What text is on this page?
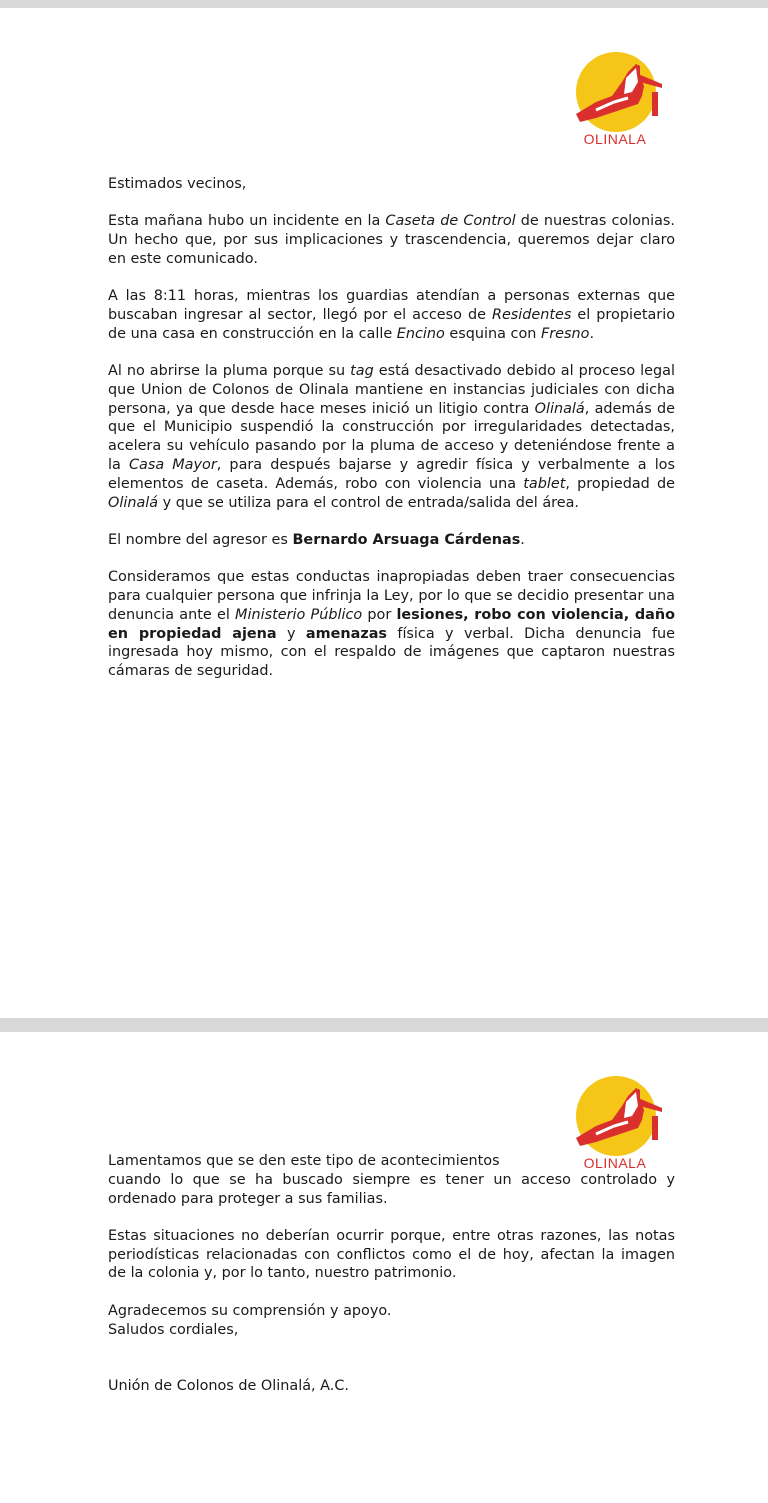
OLINALA

Estimados vecinos,

Esta mañana hubo un incidente en la Caseta de Control de nuestras colonias. Un hecho que, por sus implicaciones y trascendencia, queremos dejar claro en este comunicado.

A las 8:11 horas, mientras los guardias atendían a personas externas que buscaban ingresar al sector, llegó por el acceso de Residentes el propietario de una casa en construcción en la calle Encino esquina con Fresno.

Al no abrirse la pluma porque su tag está desactivado debido al proceso legal que Union de Colonos de Olinala mantiene en instancias judiciales con dicha persona, ya que desde hace meses inició un litigio contra Olinalá, además de que el Municipio suspendió la construcción por irregularidades detectadas, acelera su vehículo pasando por la pluma de acceso y deteniéndose frente a la Casa Mayor, para después bajarse y agredir física y verbalmente a los elementos de caseta. Además, robo con violencia una tablet, propiedad de Olinalá y que se utiliza para el control de entrada/salida del área.

El nombre del agresor es Bernardo Arsuaga Cárdenas.

Consideramos que estas conductas inapropiadas deben traer consecuencias para cualquier persona que infrinja la Ley, por lo que se decidio presentar una denuncia ante el Ministerio Público por lesiones, robo con violencia, daño en propiedad ajena y amenazas física y verbal. Dicha denuncia fue ingresada hoy mismo, con el respaldo de imágenes que captaron nuestras cámaras de seguridad.

OLINALA

Lamentamos que se den este tipo de acontecimientos
cuando lo que se ha buscado siempre es tener un acceso controlado y ordenado para proteger a sus familias.

Estas situaciones no deberían ocurrir porque, entre otras razones, las notas periodísticas relacionadas con conflictos como el de hoy, afectan la imagen de la colonia y, por lo tanto, nuestro patrimonio.

Agradecemos su comprensión y apoyo.
Saludos cordiales,

Unión de Colonos de Olinalá, A.C.
